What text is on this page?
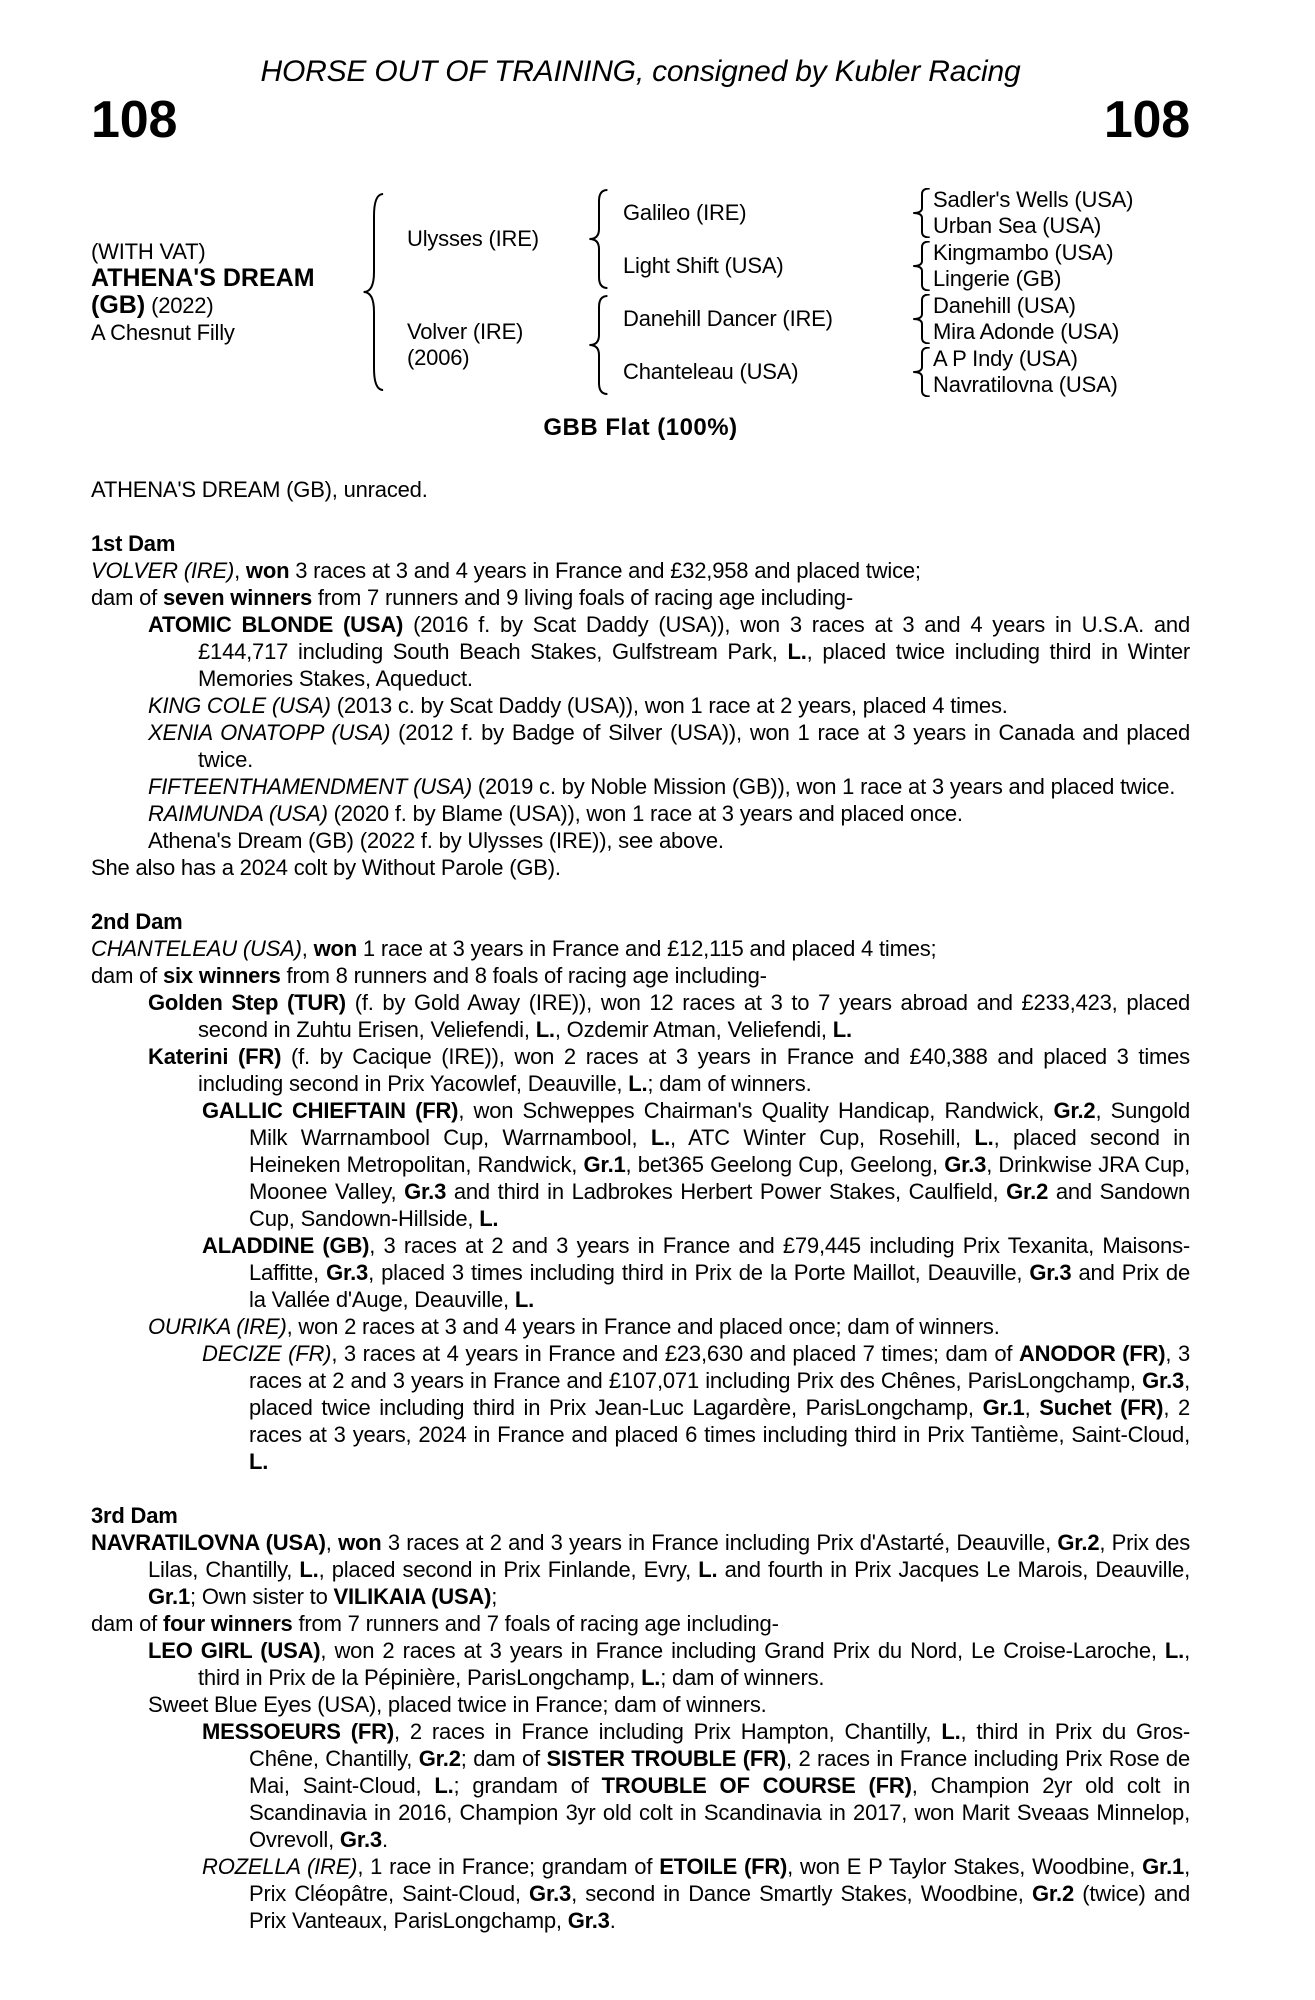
HORSE OUT OF TRAINING, consigned by Kubler Racing
108	108
(WITH VAT)
ATHENA'S DREAM
(GB) (2022)
A Chesnut Filly
Ulysses (IRE)
Galileo (IRE)
Sadler's Wells (USA)
Urban Sea (USA)
Light Shift (USA)
Kingmambo (USA)
Lingerie (GB)
Volver (IRE)
(2006)
Danehill Dancer (IRE)
Danehill (USA)
Mira Adonde (USA)
Chanteleau (USA)
A P Indy (USA)
Navratilovna (USA)
GBB Flat (100%)
ATHENA'S DREAM (GB), unraced.
1st Dam
VOLVER (IRE), won 3 races at 3 and 4 years in France and £32,958 and placed twice;
dam of seven winners from 7 runners and 9 living foals of racing age including-
ATOMIC BLONDE (USA) (2016 f. by Scat Daddy (USA)), won 3 races at 3 and 4 years in U.S.A. and £144,717 including South Beach Stakes, Gulfstream Park, L., placed twice including third in Winter Memories Stakes, Aqueduct.
KING COLE (USA) (2013 c. by Scat Daddy (USA)), won 1 race at 2 years, placed 4 times.
XENIA ONATOPP (USA) (2012 f. by Badge of Silver (USA)), won 1 race at 3 years in Canada and placed twice.
FIFTEENTHAMENDMENT (USA) (2019 c. by Noble Mission (GB)), won 1 race at 3 years and placed twice.
RAIMUNDA (USA) (2020 f. by Blame (USA)), won 1 race at 3 years and placed once.
Athena's Dream (GB) (2022 f. by Ulysses (IRE)), see above.
She also has a 2024 colt by Without Parole (GB).
2nd Dam
CHANTELEAU (USA), won 1 race at 3 years in France and £12,115 and placed 4 times;
dam of six winners from 8 runners and 8 foals of racing age including-
Golden Step (TUR) (f. by Gold Away (IRE)), won 12 races at 3 to 7 years abroad and £233,423, placed second in Zuhtu Erisen, Veliefendi, L., Ozdemir Atman, Veliefendi, L.
Katerini (FR) (f. by Cacique (IRE)), won 2 races at 3 years in France and £40,388 and placed 3 times including second in Prix Yacowlef, Deauville, L.; dam of winners.
GALLIC CHIEFTAIN (FR), won Schweppes Chairman's Quality Handicap, Randwick, Gr.2, Sungold Milk Warrnambool Cup, Warrnambool, L., ATC Winter Cup, Rosehill, L., placed second in Heineken Metropolitan, Randwick, Gr.1, bet365 Geelong Cup, Geelong, Gr.3, Drinkwise JRA Cup, Moonee Valley, Gr.3 and third in Ladbrokes Herbert Power Stakes, Caulfield, Gr.2 and Sandown Cup, Sandown-Hillside, L.
ALADDINE (GB), 3 races at 2 and 3 years in France and £79,445 including Prix Texanita, Maisons-Laffitte, Gr.3, placed 3 times including third in Prix de la Porte Maillot, Deauville, Gr.3 and Prix de la Vallée d'Auge, Deauville, L.
OURIKA (IRE), won 2 races at 3 and 4 years in France and placed once; dam of winners.
DECIZE (FR), 3 races at 4 years in France and £23,630 and placed 7 times; dam of ANODOR (FR), 3 races at 2 and 3 years in France and £107,071 including Prix des Chênes, ParisLongchamp, Gr.3, placed twice including third in Prix Jean-Luc Lagardère, ParisLongchamp, Gr.1, Suchet (FR), 2 races at 3 years, 2024 in France and placed 6 times including third in Prix Tantième, Saint-Cloud, L.
3rd Dam
NAVRATILOVNA (USA), won 3 races at 2 and 3 years in France including Prix d'Astarté, Deauville, Gr.2, Prix des Lilas, Chantilly, L., placed second in Prix Finlande, Evry, L. and fourth in Prix Jacques Le Marois, Deauville, Gr.1; Own sister to VILIKAIA (USA);
dam of four winners from 7 runners and 7 foals of racing age including-
LEO GIRL (USA), won 2 races at 3 years in France including Grand Prix du Nord, Le Croise-Laroche, L., third in Prix de la Pépinière, ParisLongchamp, L.; dam of winners.
Sweet Blue Eyes (USA), placed twice in France; dam of winners.
MESSOEURS (FR), 2 races in France including Prix Hampton, Chantilly, L., third in Prix du Gros-Chêne, Chantilly, Gr.2; dam of SISTER TROUBLE (FR), 2 races in France including Prix Rose de Mai, Saint-Cloud, L.; grandam of TROUBLE OF COURSE (FR), Champion 2yr old colt in Scandinavia in 2016, Champion 3yr old colt in Scandinavia in 2017, won Marit Sveaas Minnelop, Ovrevoll, Gr.3.
ROZELLA (IRE), 1 race in France; grandam of ETOILE (FR), won E P Taylor Stakes, Woodbine, Gr.1, Prix Cléopâtre, Saint-Cloud, Gr.3, second in Dance Smartly Stakes, Woodbine, Gr.2 (twice) and Prix Vanteaux, ParisLongchamp, Gr.3.
